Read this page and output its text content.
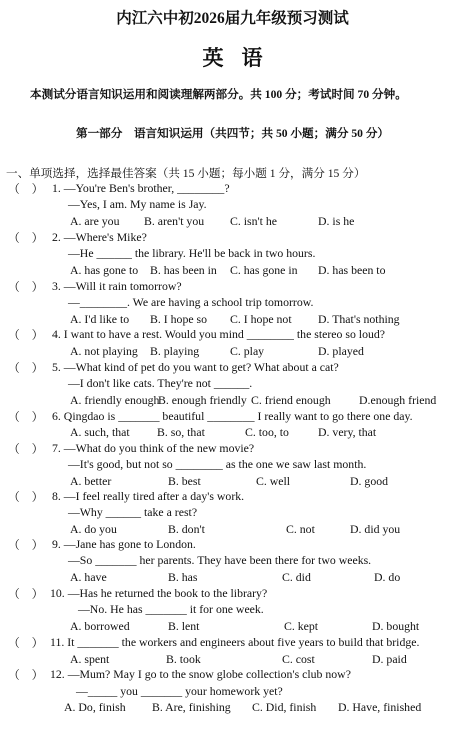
内江六中初2026届九年级预习测试
英语
本测试分语言知识运用和阅读理解两部分。共 100 分；考试时间 70 分钟。
第一部分　语言知识运用（共四节；共 50 小题；满分 50 分）
一、单项选择，选择最佳答案（共 15 小题；每小题 1 分，满分 15 分）
（　） 1. —You're Ben's brother, ________?
—Yes, I am. My name is Jay.
A. are you B. aren't you C. isn't he	D. is he
（　） 2. —Where's Mike?
—He ______ the library. He'll be back in two hours.
A. has gone to B. has been in C. has gone in D. has been to
（　） 3. —Will it rain tomorrow?
—________. We are having a school trip tomorrow.
A. I'd like to B. I hope so C. I hope not D. That's nothing
（　） 4. I want to have a rest. Would you mind ________ the stereo so loud?
A. not playing B. playing	C. play	D. played
（　） 5. —What kind of pet do you want to get? What about a cat?
—I don't like cats. They're not ______.
A. friendly enough
B. enough friendly C. friend enough D.enough friend
（　） 6. Qingdao is _______ beautiful ________ I really want to go there one day.
A. such, that B. so, that	C. too, to D. very, that
（　） 7. —What do you think of the new movie?
—It's good, but not so ________ as the one we saw last month.
A. better	B. best	C. well	D. good
（　） 8. —I feel really tired after a day's work.
—Why ______ take a rest?
A. do you	B. don't	C. not	D. did you
（　） 9. —Jane has gone to London.
—So _______ her parents. They have been there for two weeks.
A. have	B. has	C. did	D. do
（　） 10. —Has he returned the book to the library?
—No. He has _______ it for one week.
A. borrowed	B. lent	C. kept	D. bought
（　） 11. It _______ the workers and engineers about five years to build that bridge.
A. spent	B. took	C. cost	D. paid
（　） 12. —Mum? May I go to the snow globe collection's club now?
—_____ you _______ your homework yet?
A. Do, finish B. Are, finishing C. Did, finish D. Have, finished
